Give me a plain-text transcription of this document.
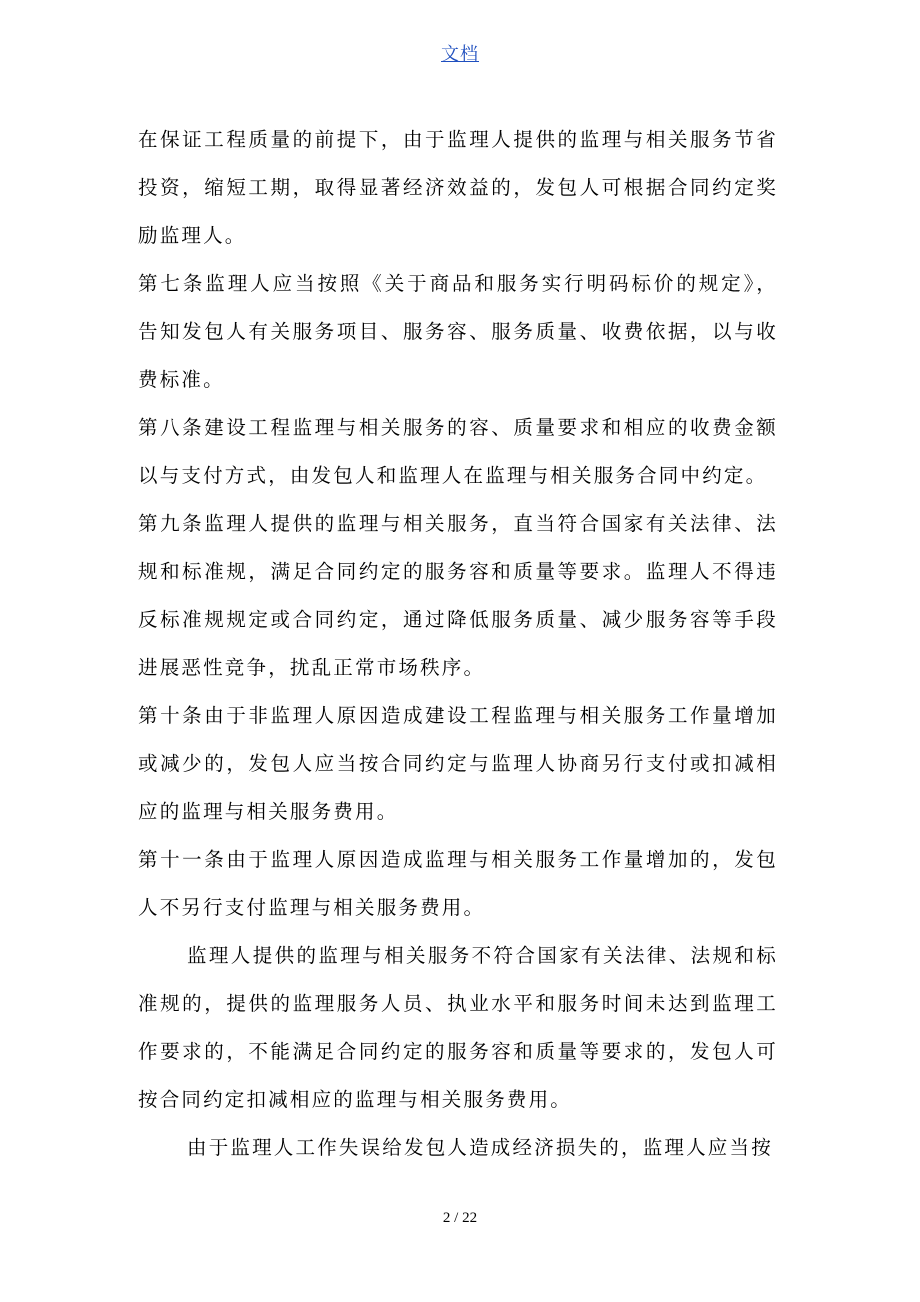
文档

在保证工程质量的前提下，由于监理人提供的监理与相关服务节省投资，缩短工期，取得显著经济效益的，发包人可根据合同约定奖励监理人。

第七条监理人应当按照《关于商品和服务实行明码标价的规定》，告知发包人有关服务项目、服务容、服务质量、收费依据，以与收费标准。

第八条建设工程监理与相关服务的容、质量要求和相应的收费金额以与支付方式，由发包人和监理人在监理与相关服务合同中约定。

第九条监理人提供的监理与相关服务，直当符合国家有关法律、法规和标准规，满足合同约定的服务容和质量等要求。监理人不得违反标准规规定或合同约定，通过降低服务质量、减少服务容等手段进展恶性竞争，扰乱正常市场秩序。

第十条由于非监理人原因造成建设工程监理与相关服务工作量增加或减少的，发包人应当按合同约定与监理人协商另行支付或扣减相应的监理与相关服务费用。

第十一条由于监理人原因造成监理与相关服务工作量增加的，发包人不另行支付监理与相关服务费用。

监理人提供的监理与相关服务不符合国家有关法律、法规和标准规的，提供的监理服务人员、执业水平和服务时间未达到监理工作要求的，不能满足合同约定的服务容和质量等要求的，发包人可按合同约定扣减相应的监理与相关服务费用。

由于监理人工作失误给发包人造成经济损失的，监理人应当按

2 / 22
